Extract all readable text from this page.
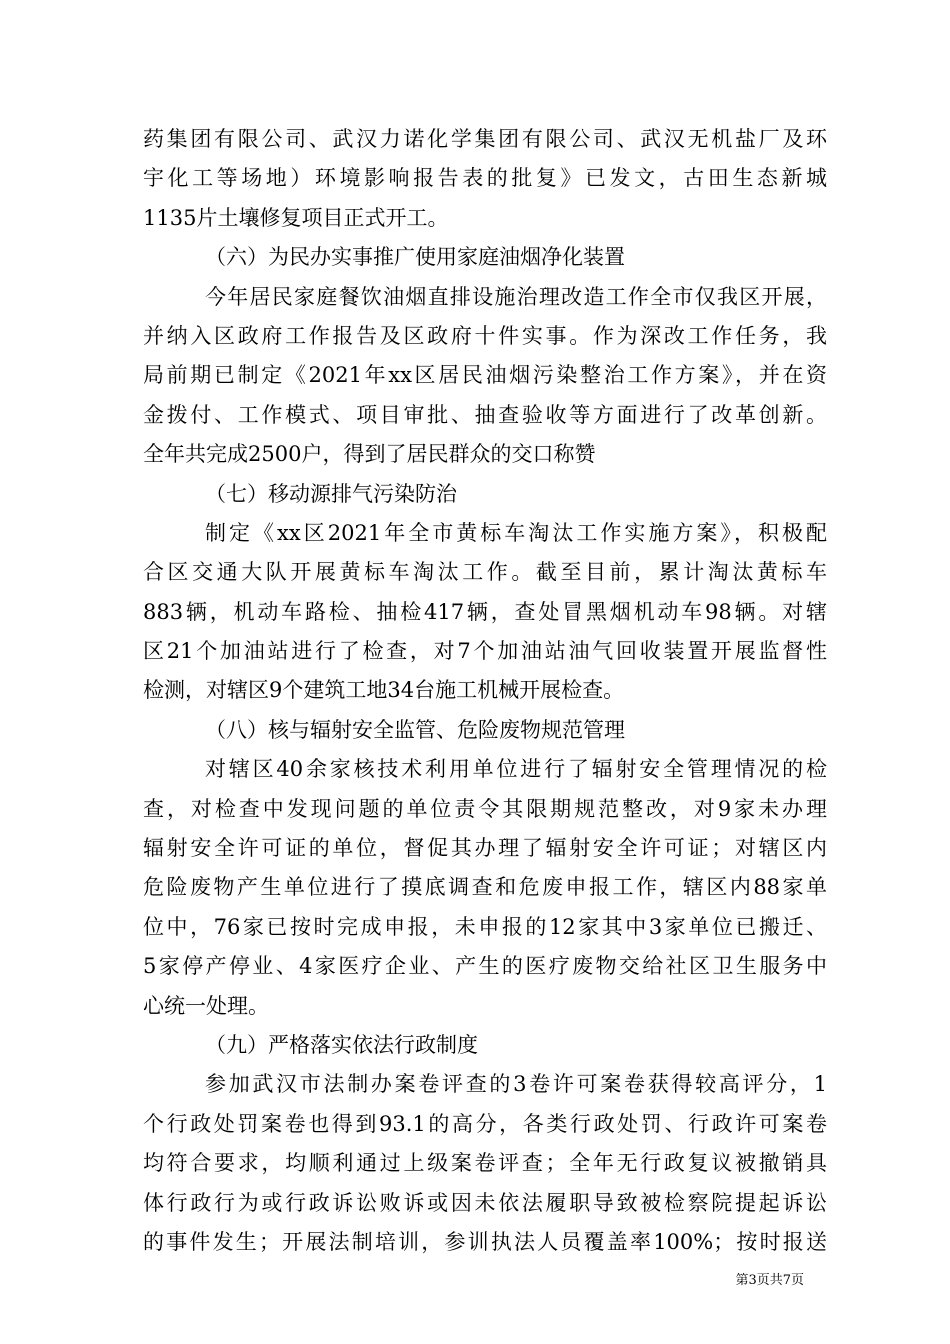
药集团有限公司、武汉力诺化学集团有限公司、武汉无机盐厂及环
宇化工等场地）环境影响报告表的批复》已发文，古田生态新城
1135片土壤修复项目正式开工。
（六）为民办实事推广使用家庭油烟净化装置
今年居民家庭餐饮油烟直排设施治理改造工作全市仅我区开展，
并纳入区政府工作报告及区政府十件实事。作为深改工作任务，我
局前期已制定《2021年xx区居民油烟污染整治工作方案》，并在资
金拨付、工作模式、项目审批、抽查验收等方面进行了改革创新。
全年共完成2500户，得到了居民群众的交口称赞
（七）移动源排气污染防治
制定《xx区2021年全市黄标车淘汰工作实施方案》，积极配
合区交通大队开展黄标车淘汰工作。截至目前，累计淘汰黄标车
883辆，机动车路检、抽检417辆，查处冒黑烟机动车98辆。对辖
区21个加油站进行了检查，对7个加油站油气回收装置开展监督性
检测，对辖区9个建筑工地34台施工机械开展检查。
（八）核与辐射安全监管、危险废物规范管理
对辖区40余家核技术利用单位进行了辐射安全管理情况的检
查，对检查中发现问题的单位责令其限期规范整改，对9家未办理
辐射安全许可证的单位，督促其办理了辐射安全许可证；对辖区内
危险废物产生单位进行了摸底调查和危废申报工作，辖区内88家单
位中，76家已按时完成申报，未申报的12家其中3家单位已搬迁、
5家停产停业、4家医疗企业、产生的医疗废物交给社区卫生服务中
心统一处理。
（九）严格落实依法行政制度
参加武汉市法制办案卷评查的3卷许可案卷获得较高评分，1
个行政处罚案卷也得到93.1的高分，各类行政处罚、行政许可案卷
均符合要求，均顺利通过上级案卷评查；全年无行政复议被撤销具
体行政行为或行政诉讼败诉或因未依法履职导致被检察院提起诉讼
的事件发生；开展法制培训，参训执法人员覆盖率100%；按时报送
第3页共7页
